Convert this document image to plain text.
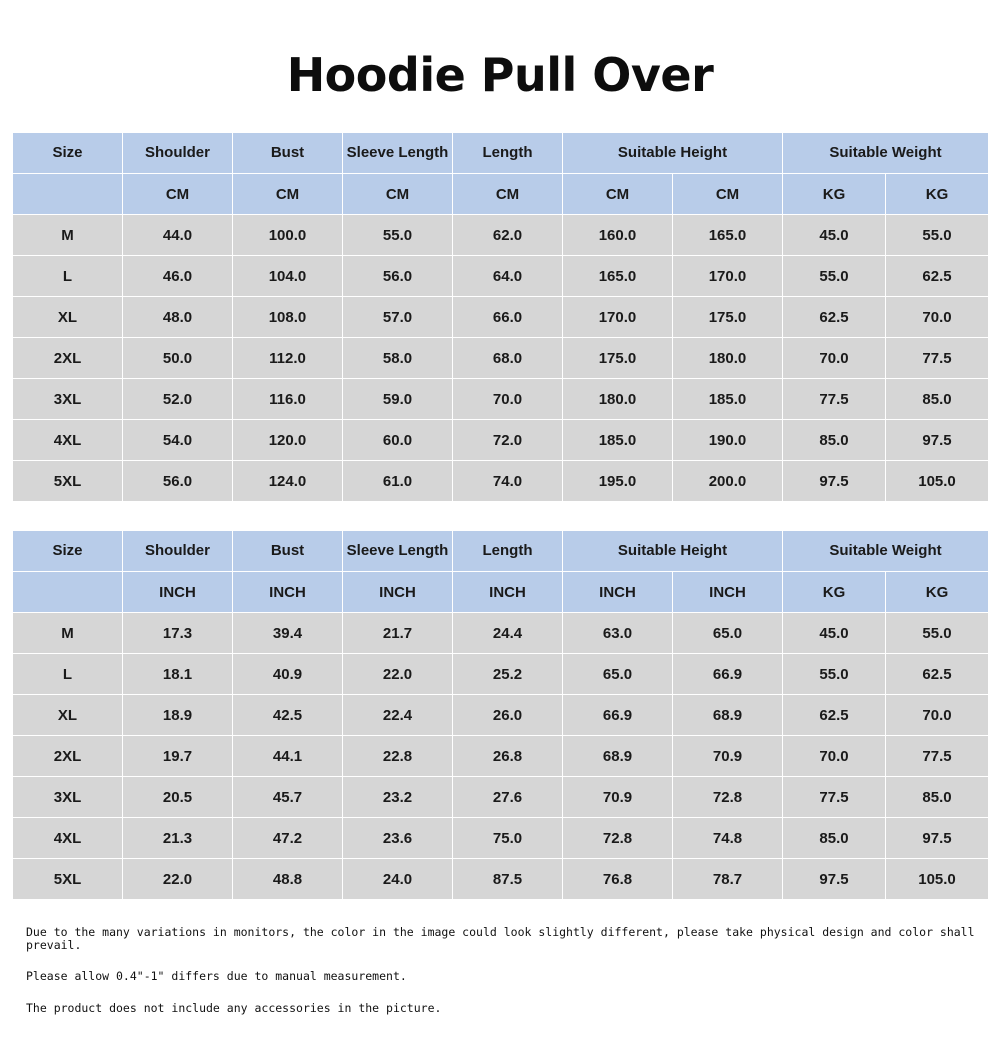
Hoodie Pull Over
Size	Shoulder	Bust	Sleeve Length	Length	Suitable Height		Suitable Weight	
	CM	CM	CM	CM	CM	CM	KG	KG
M	44.0	100.0	55.0	62.0	160.0	165.0	45.0	55.0
L	46.0	104.0	56.0	64.0	165.0	170.0	55.0	62.5
XL	48.0	108.0	57.0	66.0	170.0	175.0	62.5	70.0
2XL	50.0	112.0	58.0	68.0	175.0	180.0	70.0	77.5
3XL	52.0	116.0	59.0	70.0	180.0	185.0	77.5	85.0
4XL	54.0	120.0	60.0	72.0	185.0	190.0	85.0	97.5
5XL	56.0	124.0	61.0	74.0	195.0	200.0	97.5	105.0
Size	Shoulder	Bust	Sleeve Length	Length	Suitable Height		Suitable Weight	
	INCH	INCH	INCH	INCH	INCH	INCH	KG	KG
M	17.3	39.4	21.7	24.4	63.0	65.0	45.0	55.0
L	18.1	40.9	22.0	25.2	65.0	66.9	55.0	62.5
XL	18.9	42.5	22.4	26.0	66.9	68.9	62.5	70.0
2XL	19.7	44.1	22.8	26.8	68.9	70.9	70.0	77.5
3XL	20.5	45.7	23.2	27.6	70.9	72.8	77.5	85.0
4XL	21.3	47.2	23.6	75.0	72.8	74.8	85.0	97.5
5XL	22.0	48.8	24.0	87.5	76.8	78.7	97.5	105.0

Due to the many variations in monitors, the color in the image could look slightly different, please take physical design and color shall prevail.

Please allow 0.4"-1" differs due to manual measurement.

The product does not include any accessories in the picture.
